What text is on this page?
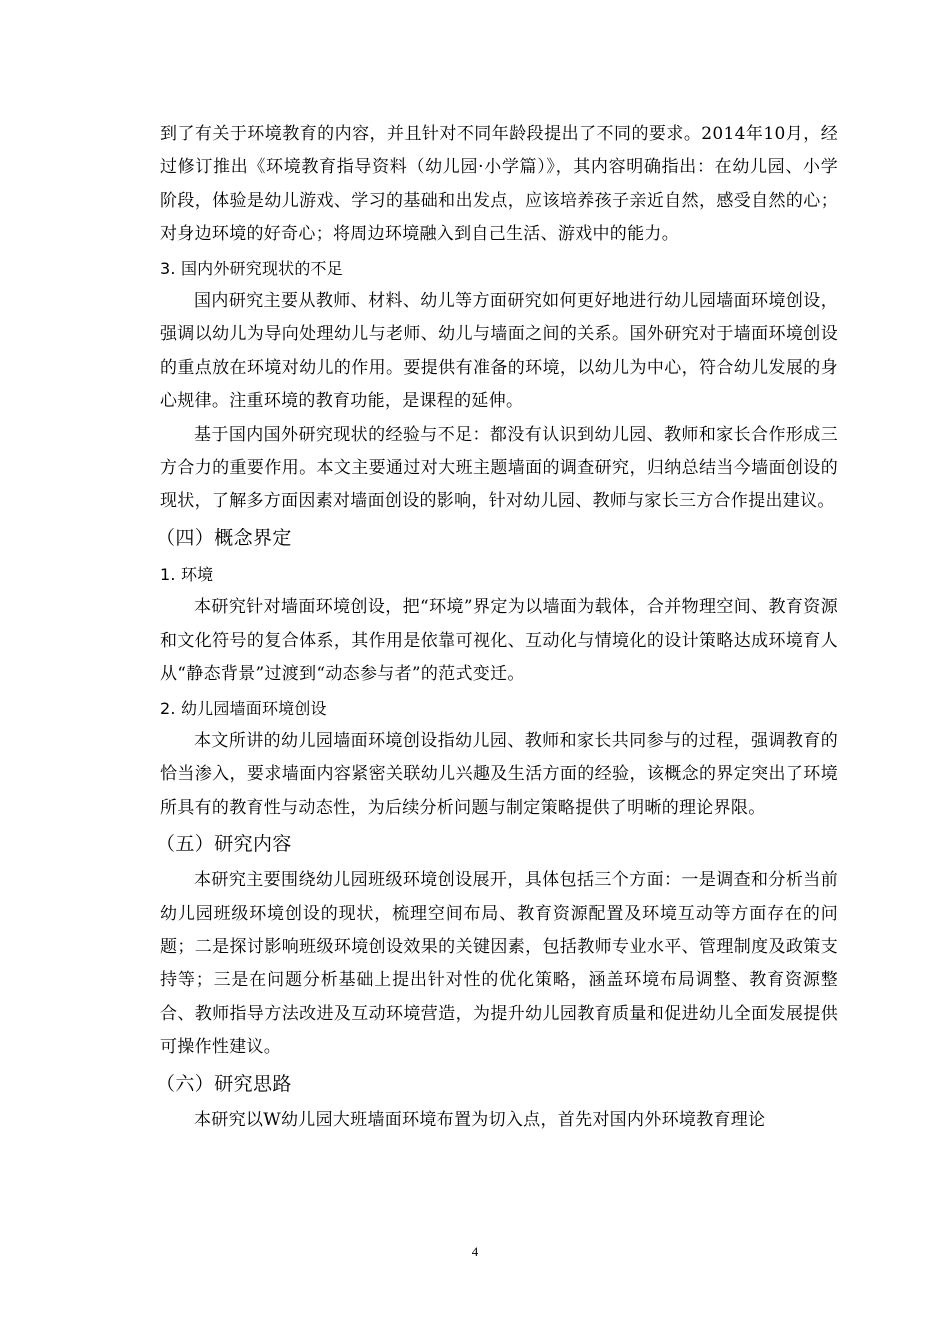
到了有关于环境教育的内容，并且针对不同年龄段提出了不同的要求。2014年10月，经过修订推出《环境教育指导资料（幼儿园·小学篇）》，其内容明确指出：在幼儿园、小学阶段，体验是幼儿游戏、学习的基础和出发点，应该培养孩子亲近自然，感受自然的心；对身边环境的好奇心；将周边环境融入到自己生活、游戏中的能力。

3. 国内外研究现状的不足

国内研究主要从教师、材料、幼儿等方面研究如何更好地进行幼儿园墙面环境创设，强调以幼儿为导向处理幼儿与老师、幼儿与墙面之间的关系。国外研究对于墙面环境创设的重点放在环境对幼儿的作用。要提供有准备的环境，以幼儿为中心，符合幼儿发展的身心规律。注重环境的教育功能，是课程的延伸。

基于国内国外研究现状的经验与不足：都没有认识到幼儿园、教师和家长合作形成三方合力的重要作用。本文主要通过对大班主题墙面的调查研究，归纳总结当今墙面创设的现状，了解多方面因素对墙面创设的影响，针对幼儿园、教师与家长三方合作提出建议。

（四）概念界定
1. 环境

本研究针对墙面环境创设，把“环境”界定为以墙面为载体，合并物理空间、教育资源和文化符号的复合体系，其作用是依靠可视化、互动化与情境化的设计策略达成环境育人从“静态背景”过渡到“动态参与者”的范式变迁。

2. 幼儿园墙面环境创设

本文所讲的幼儿园墙面环境创设指幼儿园、教师和家长共同参与的过程，强调教育的恰当渗入，要求墙面内容紧密关联幼儿兴趣及生活方面的经验，该概念的界定突出了环境所具有的教育性与动态性，为后续分析问题与制定策略提供了明晰的理论界限。

（五）研究内容

本研究主要围绕幼儿园班级环境创设展开，具体包括三个方面：一是调查和分析当前幼儿园班级环境创设的现状，梳理空间布局、教育资源配置及环境互动等方面存在的问题；二是探讨影响班级环境创设效果的关键因素，包括教师专业水平、管理制度及政策支持等；三是在问题分析基础上提出针对性的优化策略，涵盖环境布局调整、教育资源整合、教师指导方法改进及互动环境营造，为提升幼儿园教育质量和促进幼儿全面发展提供可操作性建议。

（六）研究思路

本研究以W幼儿园大班墙面环境布置为切入点，首先对国内外环境教育理论

4
